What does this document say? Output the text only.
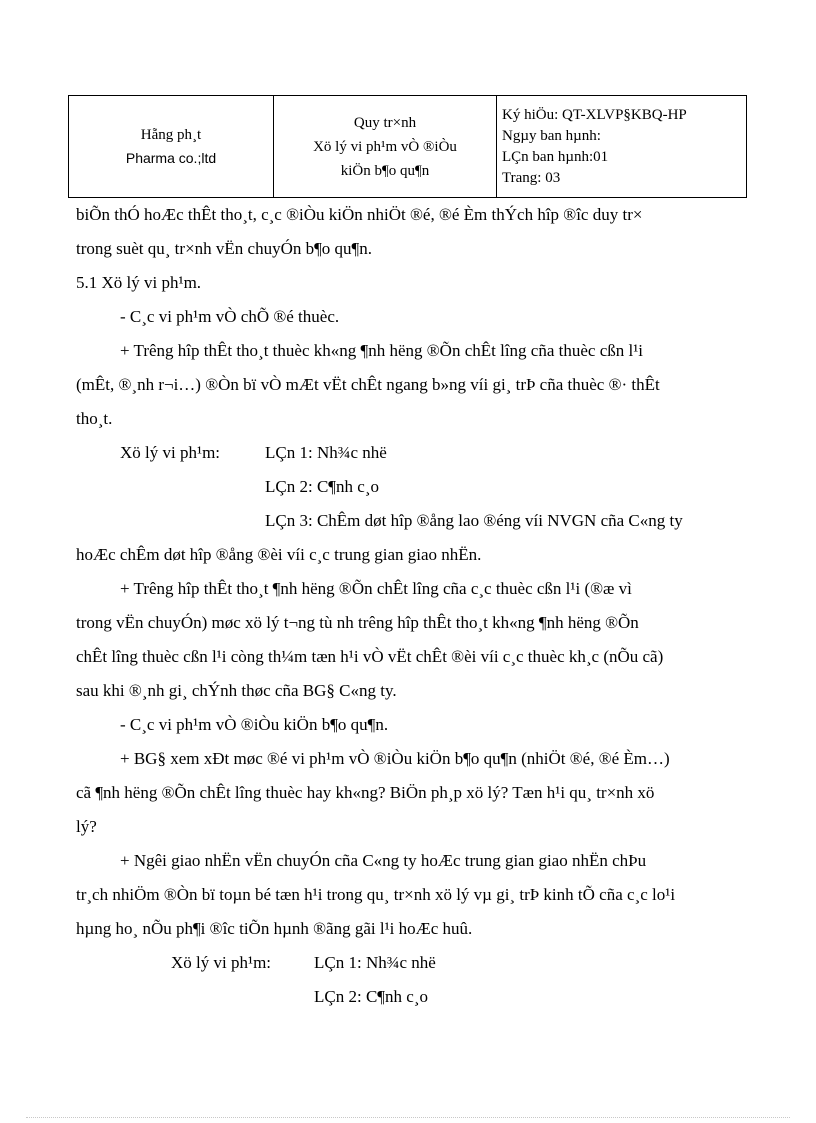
Hẵng ph¸t
Pharma co.;ltd

Quy tr×nh
Xö lý vi ph¹m vÒ ®iÒu
kiÖn b¶o qu¶n

Ký hiÖu: QT-XLVP§KBQ-HP
Ngµy ban hµnh:
LÇn ban hµnh:01
Trang: 03
biÕn thÓ hoÆc thÊt tho¸t, c¸c ®iÒu kiÖn nhiÖt ®é, ®é Èm thÝch hîp ®îc duy tr×
trong suèt qu¸ tr×nh vËn chuyÓn b¶o qu¶n.
5.1 Xö lý vi ph¹m.
- C¸c vi ph¹m vÒ chÕ ®é thuèc.
+ Trêng hîp thÊt tho¸t thuèc kh«ng ¶nh hëng ®Õn chÊt lîng cña thuèc cßn l¹i
(mÊt, ®¸nh r¬i…) ®Òn bï vÒ mÆt vËt chÊt ngang b»ng víi gi¸ trÞ cña thuèc ®· thÊt
tho¸t.
Xö lý vi ph¹m:	LÇn 1: Nh¾c nhë
LÇn 2: C¶nh c¸o
LÇn 3: ChÊm døt hîp ®ång lao ®éng víi NVGN cña C«ng ty
hoÆc chÊm døt hîp ®ång ®èi víi c¸c trung gian giao nhËn.
+ Trêng hîp thÊt tho¸t ¶nh hëng ®Õn chÊt lîng cña c¸c thuèc cßn l¹i (®æ vì
trong vËn chuyÓn) møc xö lý t¬ng tù nh trêng hîp thÊt tho¸t kh«ng ¶nh hëng ®Õn
chÊt lîng thuèc cßn l¹i còng th¼m tæn h¹i vÒ vËt chÊt ®èi víi c¸c thuèc kh¸c (nÕu cã)
sau khi ®¸nh gi¸ chÝnh thøc cña BG§ C«ng ty.
- C¸c vi ph¹m vÒ ®iÒu kiÖn b¶o qu¶n.
+ BG§ xem xÐt møc ®é vi ph¹m vÒ ®iÒu kiÖn b¶o qu¶n (nhiÖt ®é, ®é Èm…)
cã ¶nh hëng ®Õn chÊt lîng thuèc hay kh«ng? BiÖn ph¸p xö lý? Tæn h¹i qu¸ tr×nh xö
lý?
+ Ngêi giao nhËn vËn chuyÓn cña C«ng ty hoÆc trung gian giao nhËn chÞu
tr¸ch nhiÖm ®Òn bï toµn bé tæn h¹i trong qu¸ tr×nh xö lý vµ gi¸ trÞ kinh tÕ cña c¸c lo¹i
hµng ho¸ nÕu ph¶i ®îc tiÕn hµnh ®ãng gãi l¹i hoÆc huû.
Xö lý vi ph¹m:	LÇn 1: Nh¾c nhë
LÇn 2: C¶nh c¸o
